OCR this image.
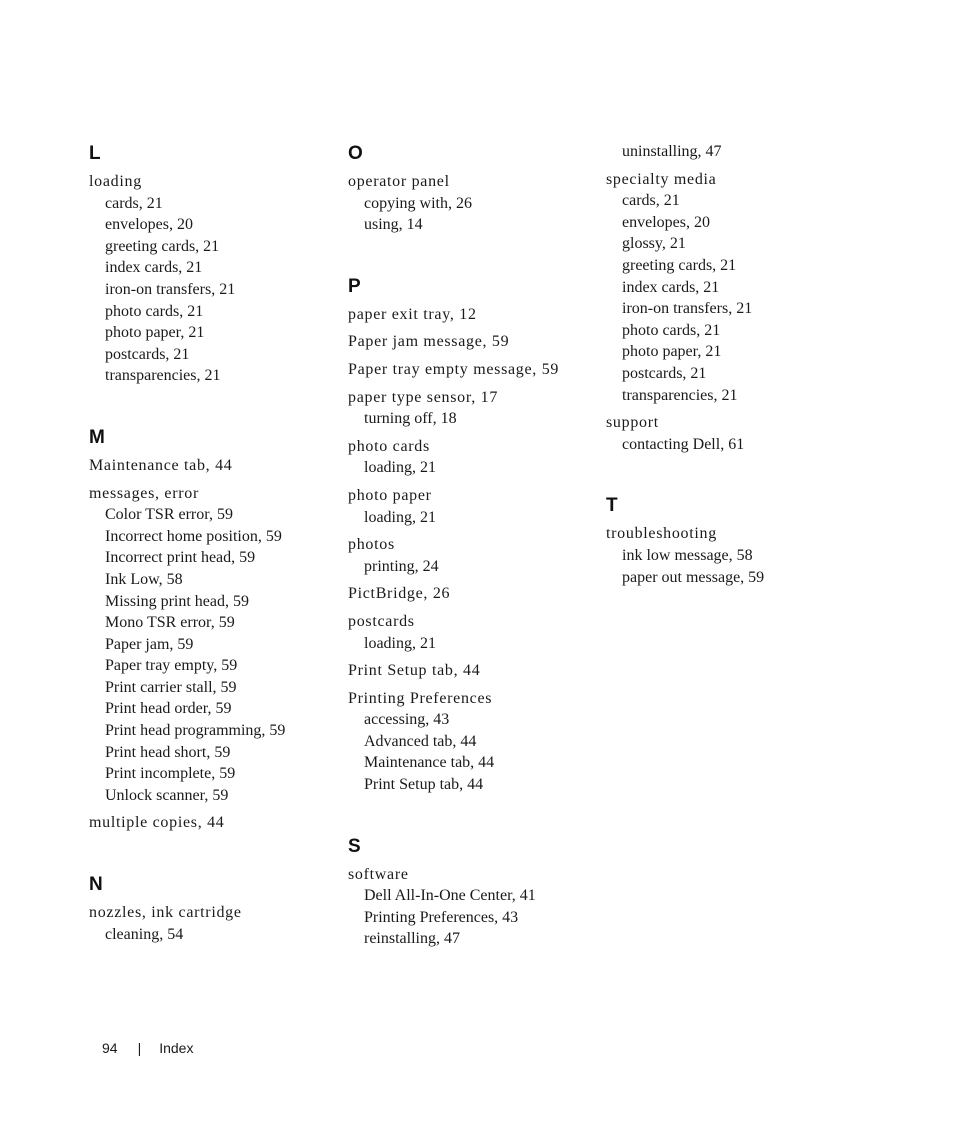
L
loading
cards, 21
envelopes, 20
greeting cards, 21
index cards, 21
iron-on transfers, 21
photo cards, 21
photo paper, 21
postcards, 21
transparencies, 21
M
Maintenance tab, 44
messages, error
Color TSR error, 59
Incorrect home position, 59
Incorrect print head, 59
Ink Low, 58
Missing print head, 59
Mono TSR error, 59
Paper jam, 59
Paper tray empty, 59
Print carrier stall, 59
Print head order, 59
Print head programming, 59
Print head short, 59
Print incomplete, 59
Unlock scanner, 59
multiple copies, 44
N
nozzles, ink cartridge
cleaning, 54
O
operator panel
copying with, 26
using, 14
P
paper exit tray, 12
Paper jam message, 59
Paper tray empty message, 59
paper type sensor, 17
turning off, 18
photo cards
loading, 21
photo paper
loading, 21
photos
printing, 24
PictBridge, 26
postcards
loading, 21
Print Setup tab, 44
Printing Preferences
accessing, 43
Advanced tab, 44
Maintenance tab, 44
Print Setup tab, 44
S
software
Dell All-In-One Center, 41
Printing Preferences, 43
reinstalling, 47
uninstalling, 47
specialty media
cards, 21
envelopes, 20
glossy, 21
greeting cards, 21
index cards, 21
iron-on transfers, 21
photo cards, 21
photo paper, 21
postcards, 21
transparencies, 21
support
contacting Dell, 61
T
troubleshooting
ink low message, 58
paper out message, 59
94 | Index
